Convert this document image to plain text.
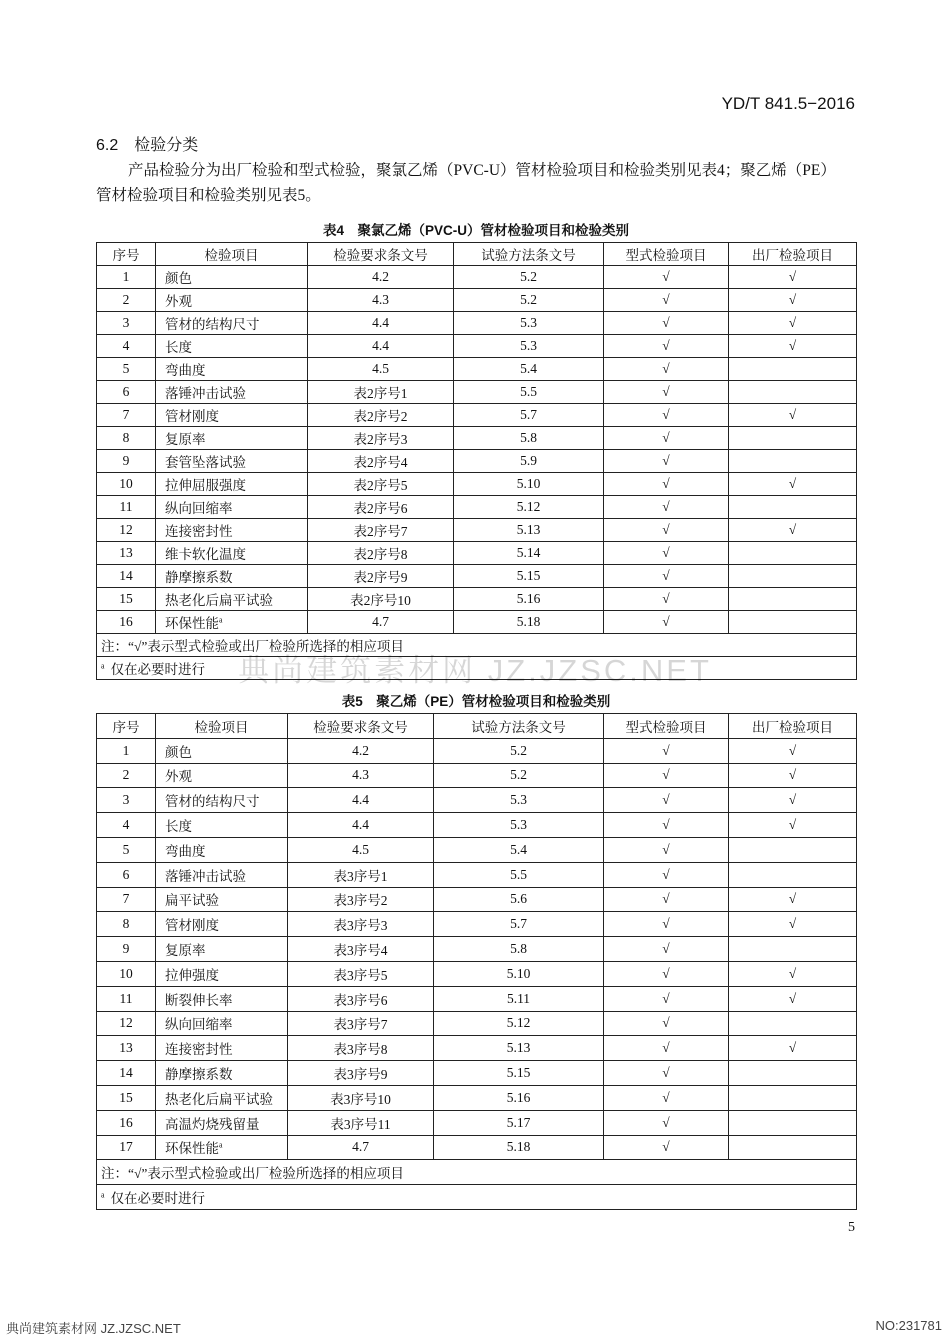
YD/T 841.5−2016
6.2 检验分类

产品检验分为出厂检验和型式检验，聚氯乙烯（PVC-U）管材检验项目和检验类别见表4；聚乙烯（PE）

管材检验项目和检验类别见表5。
表4　聚氯乙烯（PVC-U）管材检验项目和检验类别
序号	检验项目	检验要求条文号	试验方法条文号	型式检验项目	出厂检验项目
1	颜色	4.2	5.2	√	√
2	外观	4.3	5.2	√	√
3	管材的结构尺寸	4.4	5.3	√	√
4	长度	4.4	5.3	√	√
5	弯曲度	4.5	5.4	√	
6	落锤冲击试验	表2序号1	5.5	√	
7	管材刚度	表2序号2	5.7	√	√
8	复原率	表2序号3	5.8	√	
9	套管坠落试验	表2序号4	5.9	√	
10	拉伸屈服强度	表2序号5	5.10	√	√
11	纵向回缩率	表2序号6	5.12	√	
12	连接密封性	表2序号7	5.13	√	√
13	维卡软化温度	表2序号8	5.14	√	
14	静摩擦系数	表2序号9	5.15	√	
15	热老化后扁平试验	表2序号10	5.16	√	
16	环保性能$^a$	4.7	5.18	√	
注：“√”表示型式检验或出厂检验所选择的相应项目					
$^a$ 仅在必要时进行						典尚建筑素材网 JZ.JZSC.NET
表5　聚乙烯（PE）管材检验项目和检验类别
序号	检验项目	检验要求条文号	试验方法条文号	型式检验项目	出厂检验项目
1	颜色	4.2	5.2	√	√
2	外观	4.3	5.2	√	√
3	管材的结构尺寸	4.4	5.3	√	√
4	长度	4.4	5.3	√	√
5	弯曲度	4.5	5.4	√	
6	落锤冲击试验	表3序号1	5.5	√	
7	扁平试验	表3序号2	5.6	√	√
8	管材刚度	表3序号3	5.7	√	√
9	复原率	表3序号4	5.8	√	
10	拉伸强度	表3序号5	5.10	√	√
11	断裂伸长率	表3序号6	5.11	√	√
12	纵向回缩率	表3序号7	5.12	√	
13	连接密封性	表3序号8	5.13	√	√
14	静摩擦系数	表3序号9	5.15	√	
15	热老化后扁平试验	表3序号10	5.16	√	
16	高温灼烧残留量	表3序号11	5.17	√	
17	环保性能$^a$	4.7	5.18	√	
注：“√”表示型式检验或出厂检验所选择的相应项目					
$^a$ 仅在必要时进行					
5
典尚建筑素材网 JZ.JZSC.NET	NO:231781
